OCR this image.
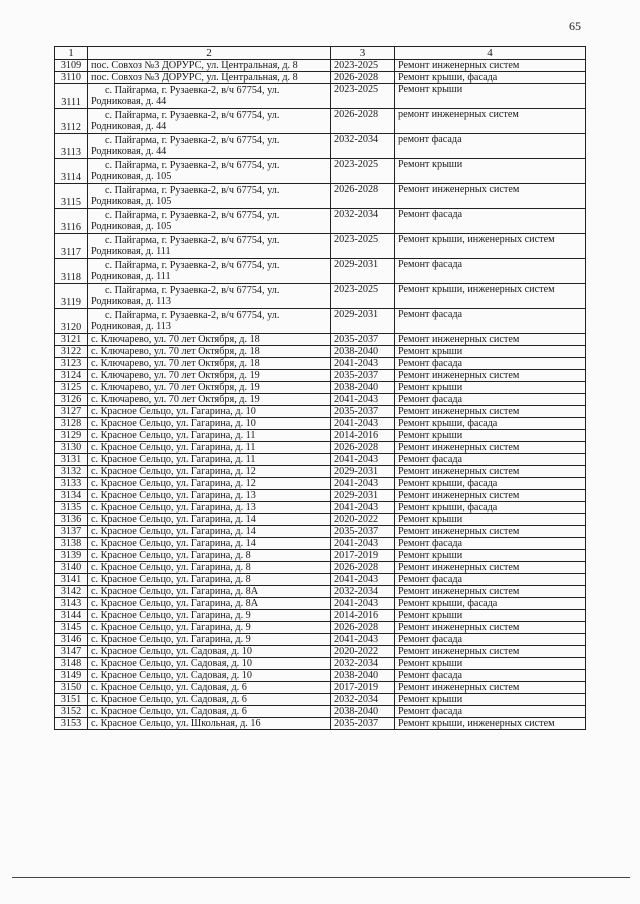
65
1	2	3	4
3109	пос. Совхоз №3 ДОРУРС, ул. Центральная, д. 8	2023-2025	Ремонт инженерных систем
3110	пос. Совхоз №3 ДОРУРС, ул. Центральная, д. 8	2026-2028	Ремонт крыши, фасада
3111	с. Пайгарма, г. Рузаевка-2, в/ч 67754, ул.
Родниковая, д. 44	2023-2025	Ремонт крыши
3112	с. Пайгарма, г. Рузаевка-2, в/ч 67754, ул.
Родниковая, д. 44	2026-2028	ремонт инженерных систем
3113	с. Пайгарма, г. Рузаевка-2, в/ч 67754, ул.
Родниковая, д. 44	2032-2034	ремонт фасада
3114	с. Пайгарма, г. Рузаевка-2, в/ч 67754, ул.
Родниковая, д. 105	2023-2025	Ремонт крыши
3115	с. Пайгарма, г. Рузаевка-2, в/ч 67754, ул.
Родниковая, д. 105	2026-2028	Ремонт инженерных систем
3116	с. Пайгарма, г. Рузаевка-2, в/ч 67754, ул.
Родниковая, д. 105	2032-2034	Ремонт фасада
3117	с. Пайгарма, г. Рузаевка-2, в/ч 67754, ул.
Родниковая, д. 111	2023-2025	Ремонт крыши, инженерных систем
3118	с. Пайгарма, г. Рузаевка-2, в/ч 67754, ул.
Родниковая, д. 111	2029-2031	Ремонт фасада
3119	с. Пайгарма, г. Рузаевка-2, в/ч 67754, ул.
Родниковая, д. 113	2023-2025	Ремонт крыши, инженерных систем
3120	с. Пайгарма, г. Рузаевка-2, в/ч 67754, ул.
Родниковая, д. 113	2029-2031	Ремонт фасада
3121	с. Ключарево, ул. 70 лет Октября, д. 18	2035-2037	Ремонт инженерных систем
3122	с. Ключарево, ул. 70 лет Октября, д. 18	2038-2040	Ремонт крыши
3123	с. Ключарево, ул. 70 лет Октября, д. 18	2041-2043	Ремонт фасада
3124	с. Ключарево, ул. 70 лет Октября, д. 19	2035-2037	Ремонт инженерных систем
3125	с. Ключарево, ул. 70 лет Октября, д. 19	2038-2040	Ремонт крыши
3126	с. Ключарево, ул. 70 лет Октября, д. 19	2041-2043	Ремонт фасада
3127	с. Красное Сельцо, ул. Гагарина, д. 10	2035-2037	Ремонт инженерных систем
3128	с. Красное Сельцо, ул. Гагарина, д. 10	2041-2043	Ремонт крыши, фасада
3129	с. Красное Сельцо, ул. Гагарина, д. 11	2014-2016	Ремонт крыши
3130	с. Красное Сельцо, ул. Гагарина, д. 11	2026-2028	Ремонт инженерных систем
3131	с. Красное Сельцо, ул. Гагарина, д. 11	2041-2043	Ремонт фасада
3132	с. Красное Сельцо, ул. Гагарина, д. 12	2029-2031	Ремонт инженерных систем
3133	с. Красное Сельцо, ул. Гагарина, д. 12	2041-2043	Ремонт крыши, фасада
3134	с. Красное Сельцо, ул. Гагарина, д. 13	2029-2031	Ремонт инженерных систем
3135	с. Красное Сельцо, ул. Гагарина, д. 13	2041-2043	Ремонт крыши, фасада
3136	с. Красное Сельцо, ул. Гагарина, д. 14	2020-2022	Ремонт крыши
3137	с. Красное Сельцо, ул. Гагарина, д. 14	2035-2037	Ремонт инженерных систем
3138	с. Красное Сельцо, ул. Гагарина, д. 14	2041-2043	Ремонт фасада
3139	с. Красное Сельцо, ул. Гагарина, д. 8	2017-2019	Ремонт крыши
3140	с. Красное Сельцо, ул. Гагарина, д. 8	2026-2028	Ремонт инженерных систем
3141	с. Красное Сельцо, ул. Гагарина, д. 8	2041-2043	Ремонт фасада
3142	с. Красное Сельцо, ул. Гагарина, д. 8А	2032-2034	Ремонт инженерных систем
3143	с. Красное Сельцо, ул. Гагарина, д. 8А	2041-2043	Ремонт крыши, фасада
3144	с. Красное Сельцо, ул. Гагарина, д. 9	2014-2016	Ремонт крыши
3145	с. Красное Сельцо, ул. Гагарина, д. 9	2026-2028	Ремонт инженерных систем
3146	с. Красное Сельцо, ул. Гагарина, д. 9	2041-2043	Ремонт фасада
3147	с. Красное Сельцо, ул. Садовая, д. 10	2020-2022	Ремонт инженерных систем
3148	с. Красное Сельцо, ул. Садовая, д. 10	2032-2034	Ремонт крыши
3149	с. Красное Сельцо, ул. Садовая, д. 10	2038-2040	Ремонт фасада
3150	с. Красное Сельцо, ул. Садовая, д. 6	2017-2019	Ремонт инженерных систем
3151	с. Красное Сельцо, ул. Садовая, д. 6	2032-2034	Ремонт крыши
3152	с. Красное Сельцо, ул. Садовая, д. 6	2038-2040	Ремонт фасада
3153	с. Красное Сельцо, ул. Школьная, д. 16	2035-2037	Ремонт крыши, инженерных систем
